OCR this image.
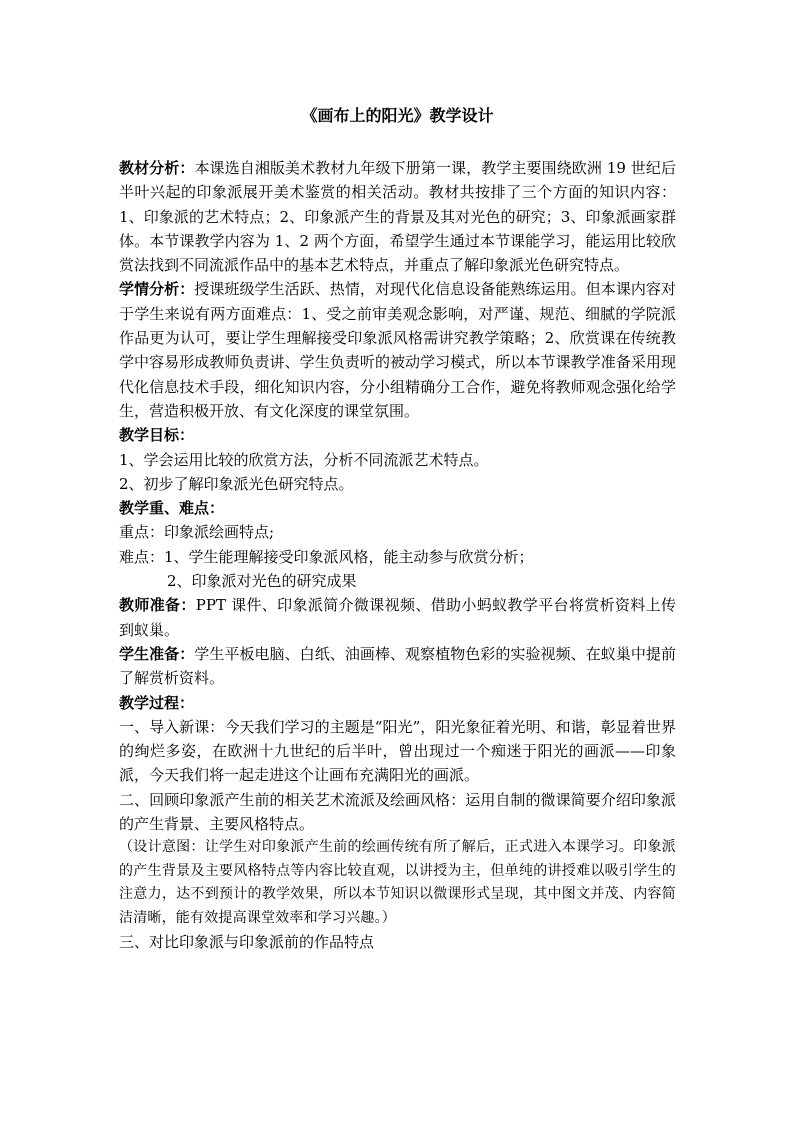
《画布上的阳光》教学设计

教材分析：本课选自湘版美术教材九年级下册第一课，教学主要围绕欧洲 19 世纪后半叶兴起的印象派展开美术鉴赏的相关活动。教材共按排了三个方面的知识内容：1、印象派的艺术特点；2、印象派产生的背景及其对光色的研究；3、印象派画家群体。本节课教学内容为 1、2 两个方面，希望学生通过本节课能学习，能运用比较欣赏法找到不同流派作品中的基本艺术特点，并重点了解印象派光色研究特点。

学情分析：授课班级学生活跃、热情，对现代化信息设备能熟练运用。但本课内容对于学生来说有两方面难点：1、受之前审美观念影响，对严谨、规范、细腻的学院派作品更为认可，要让学生理解接受印象派风格需讲究教学策略；2、欣赏课在传统教学中容易形成教师负责讲、学生负责听的被动学习模式，所以本节课教学准备采用现代化信息技术手段，细化知识内容，分小组精确分工合作，避免将教师观念强化给学生，营造积极开放、有文化深度的课堂氛围。

教学目标：

1、学会运用比较的欣赏方法，分析不同流派艺术特点。

2、初步了解印象派光色研究特点。

教学重、难点：

重点：印象派绘画特点;

难点：1、学生能理解接受印象派风格，能主动参与欣赏分析；

2、印象派对光色的研究成果

教师准备：PPT 课件、印象派简介微课视频、借助小蚂蚁教学平台将赏析资料上传到蚁巢。

学生准备：学生平板电脑、白纸、油画棒、观察植物色彩的实验视频、在蚁巢中提前了解赏析资料。

教学过程：

一、导入新课：今天我们学习的主题是“阳光”，阳光象征着光明、和谐，彰显着世界的绚烂多姿，在欧洲十九世纪的后半叶，曾出现过一个痴迷于阳光的画派——印象派，今天我们将一起走进这个让画布充满阳光的画派。

二、回顾印象派产生前的相关艺术流派及绘画风格：运用自制的微课简要介绍印象派的产生背景、主要风格特点。

（设计意图：让学生对印象派产生前的绘画传统有所了解后，正式进入本课学习。印象派的产生背景及主要风格特点等内容比较直观，以讲授为主，但单纯的讲授难以吸引学生的注意力，达不到预计的教学效果，所以本节知识以微课形式呈现，其中图文并茂、内容简洁清晰，能有效提高课堂效率和学习兴趣。）

三、对比印象派与印象派前的作品特点
